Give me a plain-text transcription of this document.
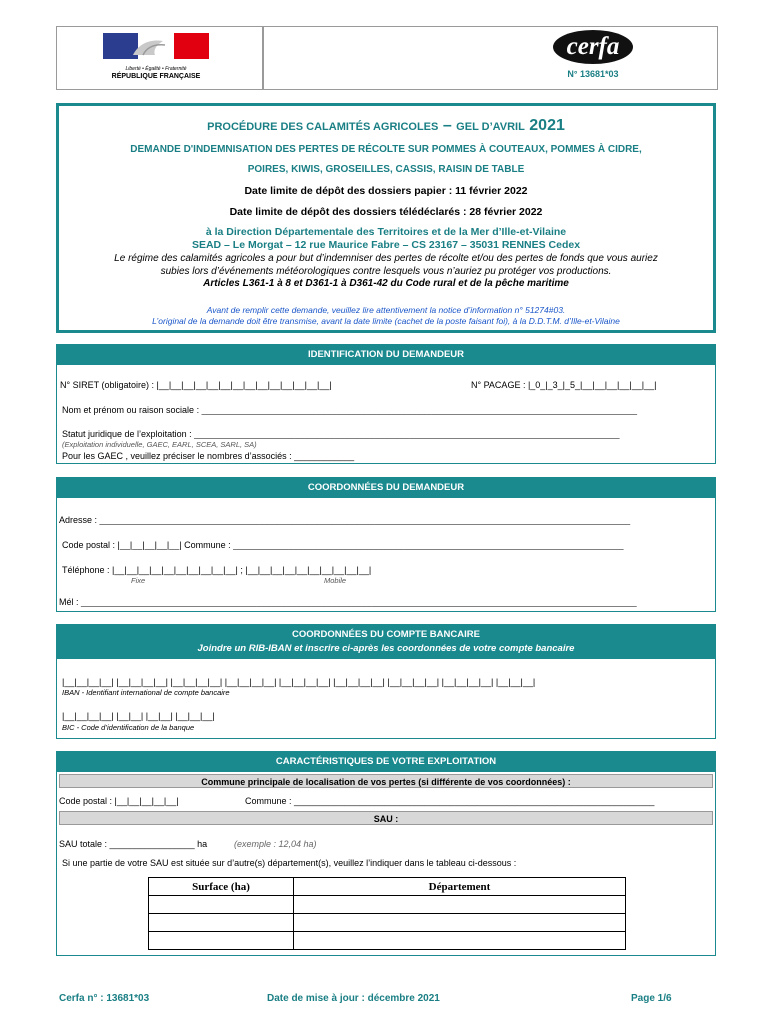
Liberté • Égalité • Fraternité
RÉPUBLIQUE FRANÇAISE
cerfa
N° 13681*03
PROCÉDURE DES CALAMITÉS AGRICOLES – GEL D’AVRIL 2021
DEMANDE D'INDEMNISATION DES PERTES DE RÉCOLTE SUR POMMES À COUTEAUX, POMMES À CIDRE,
POIRES, KIWIS, GROSEILLES, CASSIS, RAISIN DE TABLE
Date limite de dépôt des dossiers papier : 11 février 2022
Date limite de dépôt des dossiers télédéclarés : 28 février 2022
à la Direction Départementale des Territoires et de la Mer d’Ille-et-Vilaine
SEAD – Le Morgat – 12 rue Maurice Fabre – CS 23167 – 35031 RENNES Cedex
Le régime des calamités agricoles a pour but d’indemniser des pertes de récolte et/ou des pertes de fonds que vous auriez
subies lors d’événements météorologiques contre lesquels vous n’auriez pu protéger vos productions.
Articles L361-1 à 8 et D361-1 à D361-42 du Code rural et de la pêche maritime
Avant de remplir cette demande, veuillez lire attentivement la notice d’information n° 51274#03.
L’original de la demande doit être transmise, avant la date limite (cachet de la poste faisant foi), à la D.D.T.M. d’Ille-et-Vilaine
IDENTIFICATION DU DEMANDEUR
N° SIRET (obligatoire) : |__|__|__|__|__|__|__|__|__|__|__|__|__|__|	N° PACAGE : |_0_|_3_|_5_|__|__|__|__|__|__|
Nom et prénom ou raison sociale : _______________________________________________________________________________________
Statut juridique de l’exploitation : _____________________________________________________________________________________
(Exploitation individuelle, GAEC, EARL, SCEA, SARL, SA)
Pour les GAEC , veuillez préciser le nombres d’associés : ____________
COORDONNÉES DU DEMANDEUR
Adresse : __________________________________________________________________________________________________________
Code postal : |__|__|__|__|__| Commune : ______________________________________________________________________________
Téléphone : |__|__|__|__|__|__|__|__|__|__| ; |__|__|__|__|__|__|__|__|__|__|
Fixe	Mobile
Mél : _______________________________________________________________________________________________________________
COORDONNÉES DU COMPTE BANCAIRE
Joindre un RIB-IBAN et inscrire ci-après les coordonnées de votre compte bancaire
|__|__|__|__| |__|__|__|__| |__|__|__|__| |__|__|__|__| |__|__|__|__| |__|__|__|__| |__|__|__|__| |__|__|__|__| |__|__|__|
IBAN - Identifiant international de compte bancaire
|__|__|__|__| |__|__| |__|__| |__|__|__|
BIC - Code d’identification de la banque
CARACTÉRISTIQUES DE VOTRE EXPLOITATION
Commune principale de localisation de vos pertes (si différente de vos coordonnées) :
SAU :
Code postal : |__|__|__|__|__|	Commune : ________________________________________________________________________
SAU totale : _________________ ha	(exemple : 12,04 ha)
Si une partie de votre SAU est située sur d’autre(s) département(s), veuillez l’indiquer dans le tableau ci-dessous :
Surface (ha)	Département

Cerfa n° : 13681*03	Date de mise à jour : décembre 2021	Page 1/6
